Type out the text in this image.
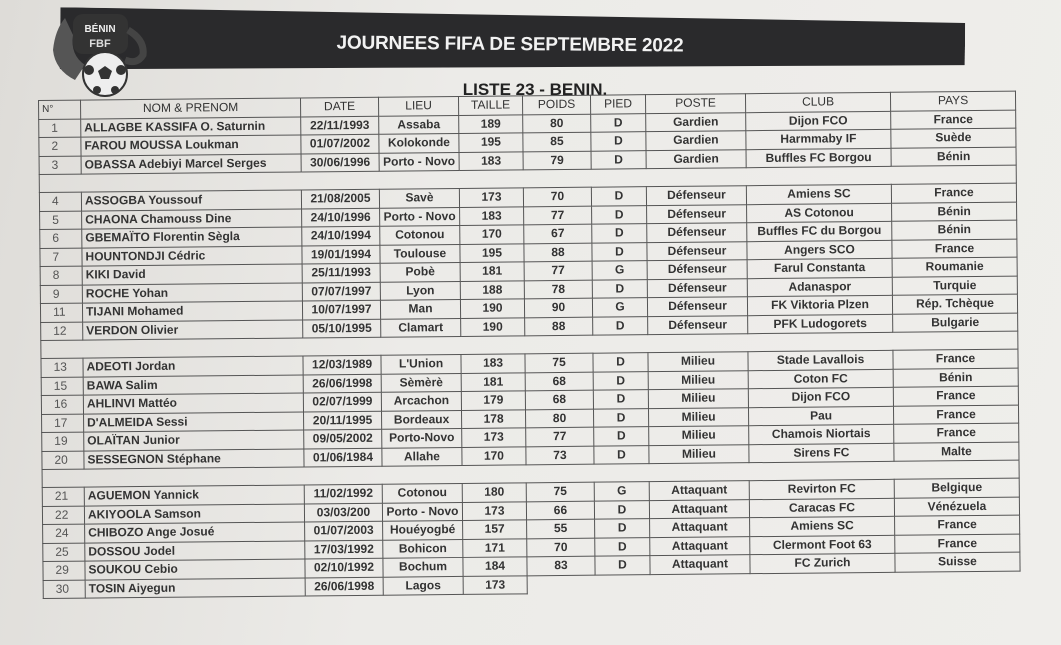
BÉNIN
FBF	JOURNEES FIFA DE SEPTEMBRE 2022
LISTE 23 - BENIN.
N°	NOM & PRENOM	DATE	LIEU	TAILLE	POIDS	PIED	POSTE	CLUB	PAYS
1	ALLAGBE KASSIFA O. Saturnin	22/11/1993	Assaba	189	80	D	Gardien	Dijon FCO	France
2	FAROU MOUSSA Loukman	01/07/2002	Kolokonde	195	85	D	Gardien	Harmmaby IF	Suède
3	OBASSA Adebiyi Marcel Serges	30/06/1996	Porto - Novo	183	79	D	Gardien	Buffles FC Borgou	Bénin

4	ASSOGBA Youssouf	21/08/2005	Savè	173	70	D	Défenseur	Amiens SC	France
5	CHAONA Chamouss Dine	24/10/1996	Porto - Novo	183	77	D	Défenseur	AS Cotonou	Bénin
6	GBEMAÏTO Florentin Sègla	24/10/1994	Cotonou	170	67	D	Défenseur	Buffles FC du Borgou	Bénin
7	HOUNTONDJI Cédric	19/01/1994	Toulouse	195	88	D	Défenseur	Angers SCO	France
8	KIKI David	25/11/1993	Pobè	181	77	G	Défenseur	Farul Constanta	Roumanie
9	ROCHE Yohan	07/07/1997	Lyon	188	78	D	Défenseur	Adanaspor	Turquie
11	TIJANI Mohamed	10/07/1997	Man	190	90	G	Défenseur	FK Viktoria Plzen	Rép. Tchèque
12	VERDON Olivier	05/10/1995	Clamart	190	88	D	Défenseur	PFK Ludogorets	Bulgarie

13	ADEOTI Jordan	12/03/1989	L'Union	183	75	D	Milieu	Stade Lavallois	France
15	BAWA Salim	26/06/1998	Sèmèrè	181	68	D	Milieu	Coton FC	Bénin
16	AHLINVI Mattéo	02/07/1999	Arcachon	179	68	D	Milieu	Dijon FCO	France
17	D'ALMEIDA Sessi	20/11/1995	Bordeaux	178	80	D	Milieu	Pau	France
19	OLAÏTAN Junior	09/05/2002	Porto-Novo	173	77	D	Milieu	Chamois Niortais	France
20	SESSEGNON Stéphane	01/06/1984	Allahe	170	73	D	Milieu	Sirens FC	Malte

21	AGUEMON Yannick	11/02/1992	Cotonou	180	75	G	Attaquant	Revirton FC	Belgique
22	AKIYOOLA Samson	03/03/200	Porto - Novo	173	66	D	Attaquant	Caracas FC	Vénézuela
24	CHIBOZO Ange Josué	01/07/2003	Houéyogbé	157	55	D	Attaquant	Amiens SC	France
25	DOSSOU Jodel	17/03/1992	Bohicon	171	70	D	Attaquant	Clermont Foot 63	France
29	SOUKOU Cebio	02/10/1992	Bochum	184	83	D	Attaquant	FC Zurich	Suisse
30	TOSIN Aiyegun	26/06/1998	Lagos	173					
